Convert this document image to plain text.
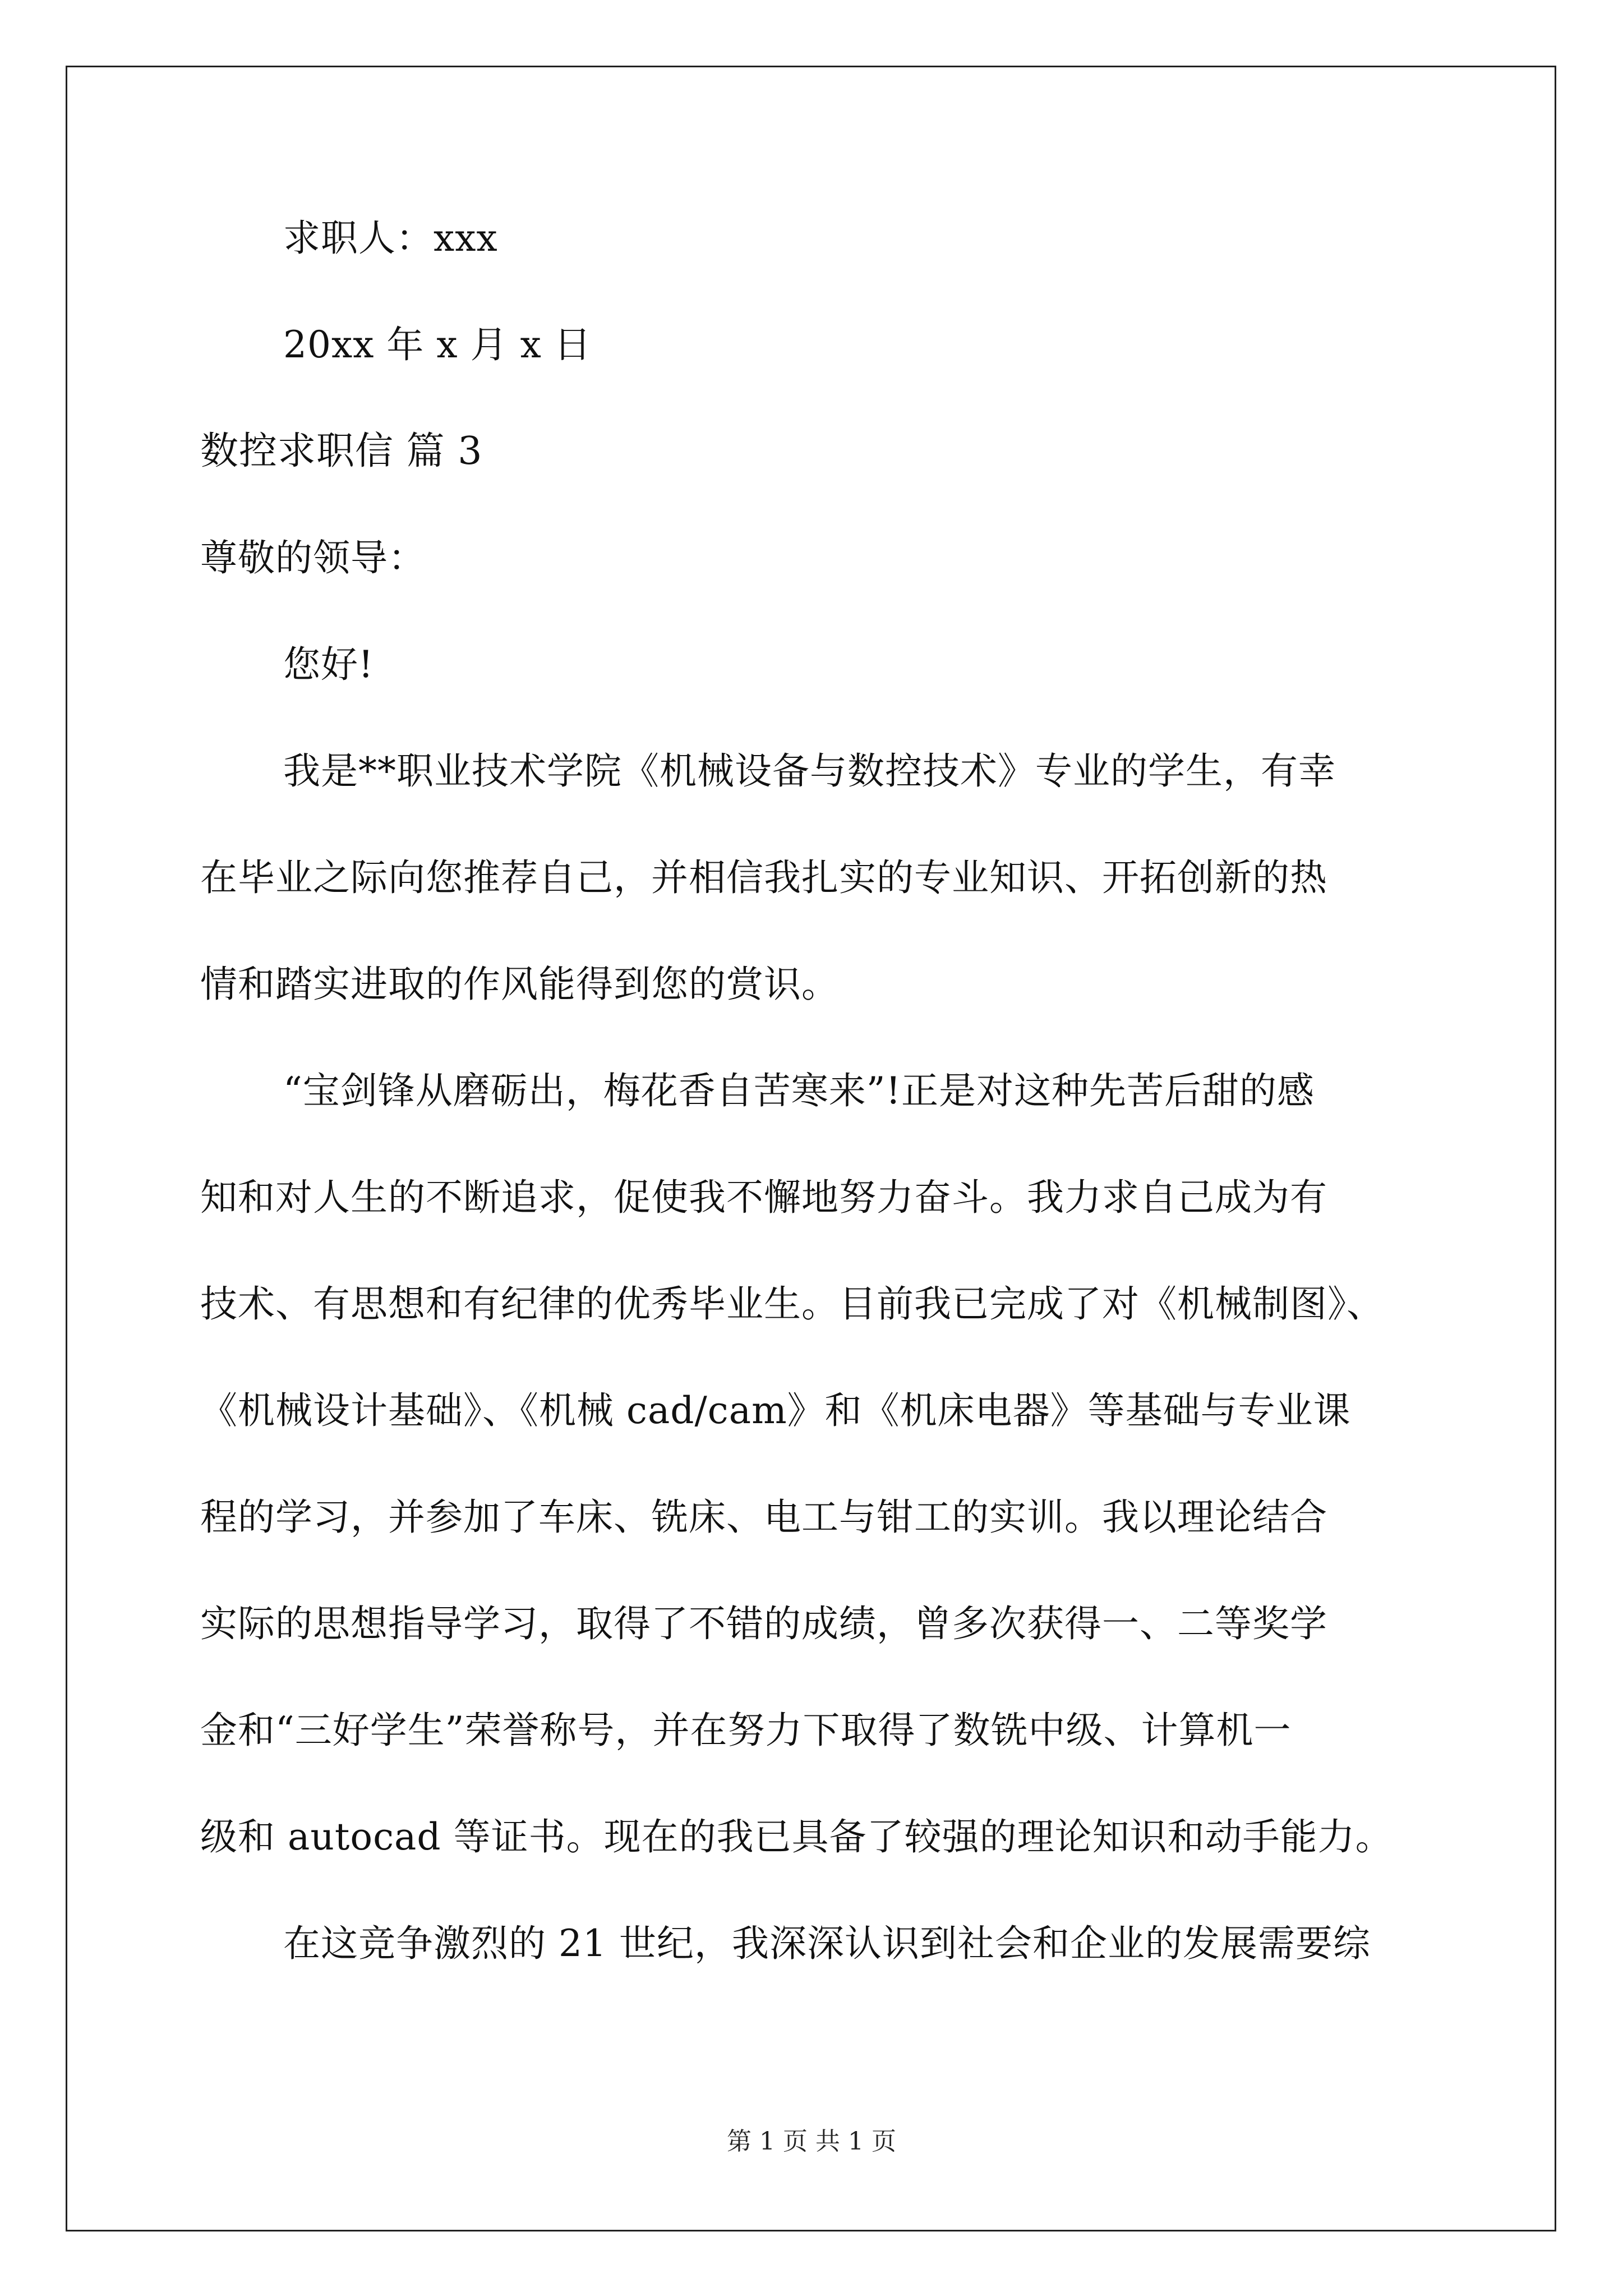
求职人：xxx
20xx 年 x 月 x 日
数控求职信 篇 3
尊敬的领导：
您好!
我是**职业技术学院《机械设备与数控技术》专业的学生，有幸
在毕业之际向您推荐自己，并相信我扎实的专业知识、开拓创新的热
情和踏实进取的作风能得到您的赏识。
“宝剑锋从磨砺出，梅花香自苦寒来”!正是对这种先苦后甜的感
知和对人生的不断追求，促使我不懈地努力奋斗。我力求自己成为有
技术、有思想和有纪律的优秀毕业生。目前我已完成了对《机械制图》、
《机械设计基础》、《机械 cad/cam》和《机床电器》等基础与专业课
程的学习，并参加了车床、铣床、电工与钳工的实训。我以理论结合
实际的思想指导学习，取得了不错的成绩，曾多次获得一、二等奖学
金和“三好学生”荣誉称号，并在努力下取得了数铣中级、计算机一
级和 autocad 等证书。现在的我已具备了较强的理论知识和动手能力。
在这竞争激烈的 21 世纪，我深深认识到社会和企业的发展需要综
第 1 页 共 1 页
